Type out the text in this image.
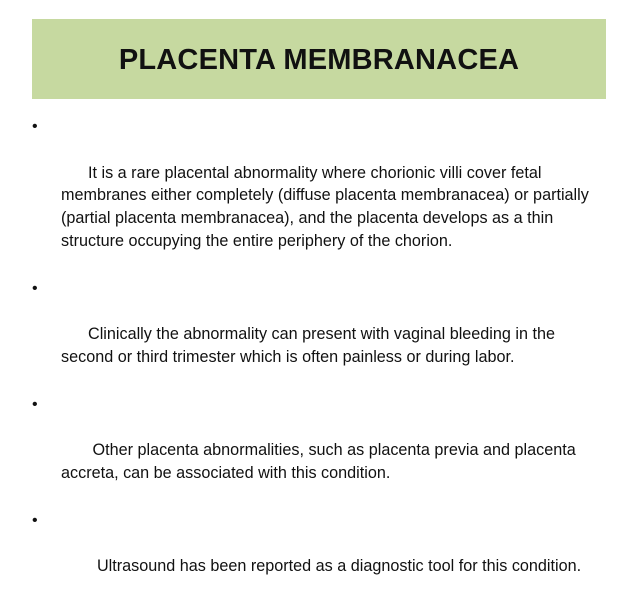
PLACENTA MEMBRANACEA

•

It is a rare placental abnormality where chorionic villi cover fetal membranes either completely (diffuse placenta membranacea) or partially (partial placenta membranacea), and the placenta develops as a thin structure occupying the entire periphery of the chorion.

•

Clinically the abnormality can present with vaginal bleeding in the second or third trimester which is often painless or during labor.

•

Other placenta abnormalities, such as placenta previa and placenta accreta, can be associated with this condition.

•

Ultrasound has been reported as a diagnostic tool for this condition.
